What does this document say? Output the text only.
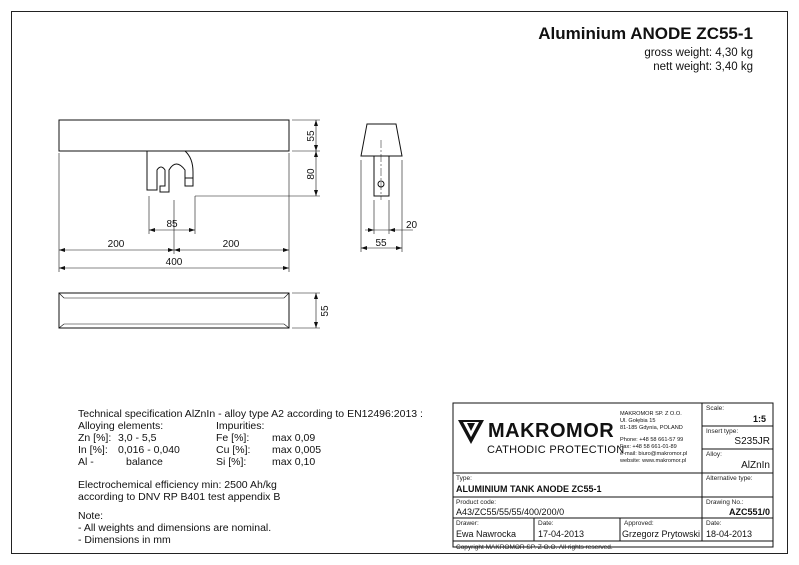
Aluminium ANODE ZC55-1
gross weight: 4,30 kg
nett weight: 3,40 kg
55
80
85
200	200
400
20
55
55
Technical specification AlZnIn - alloy type A2 according to EN12496:2013 :
Alloying elements:	Impurities:
Zn [%]: 3,0 - 5,5	Fe [%]: max 0,09
In [%]: 0,016 - 0,040	Cu [%]: max 0,005
Al -	balance	Si [%]: max 0,10
Electrochemical efficiency min: 2500 Ah/kg
according to DNV RP B401 test appendix B
Note:
- All weights and dimensions are nominal.
- Dimensions in mm
MAKROMOR
CATHODIC PROTECTION
MAKROMOR SP. Z O.O.
Ul. Gołębia 15
81-185 Gdynia, POLAND
Phone: +48 58 661-57 99
Fax: +48 58 661-01-89
e-mail: biuro@makromor.pl
website: www.makromor.pl
Scale:
1:5
Insert type:
S235JR
Alloy:
AlZnIn
Alternative type:
Type:
ALUMINIUM TANK ANODE ZC55-1
Product code:
A43/ZC55/55/55/400/200/0
Drawing No.:
AZC551/0
Drawer:
Ewa Nawrocka
Date:
17-04-2013
Approved:
Grzegorz Prytowski
Date:
18-04-2013
Copyright MAKROMOR SP. Z O.O. All rights reserved.
